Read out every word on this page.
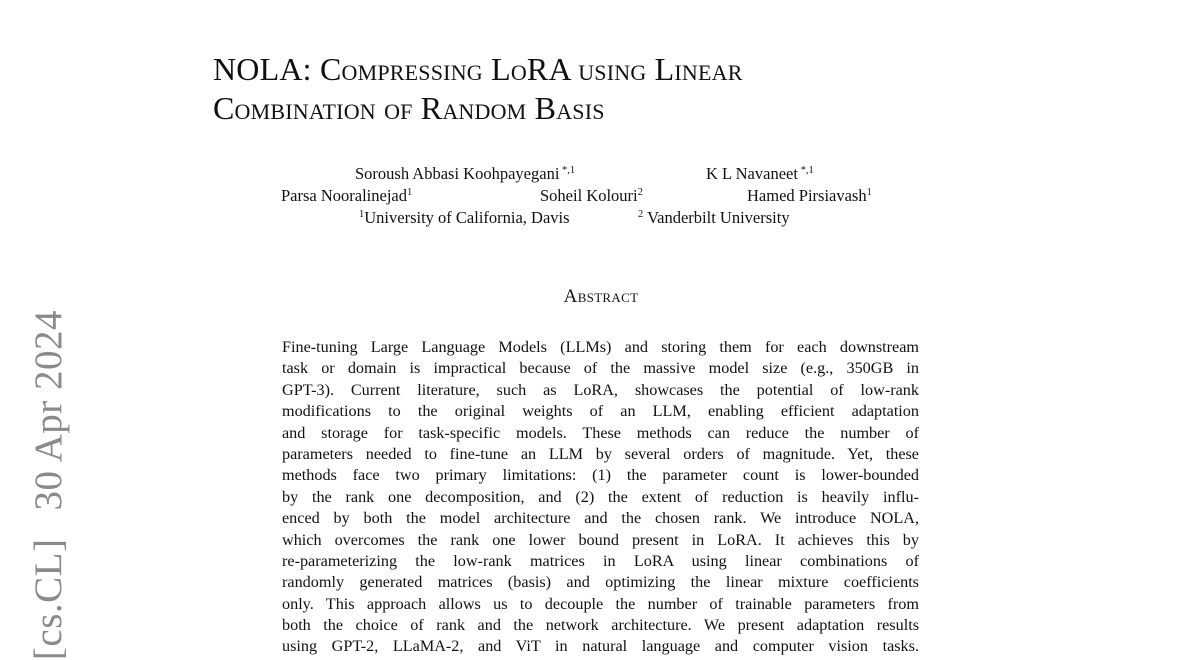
[cs.CL]30 Apr 2024
NOLA: Compressing LoRA using Linear
Combination of Random Basis
Soroush Abbasi Koohpayegani $^{*,1}$	K L Navaneet $^{*,1}$
Parsa Nooralinejad$^1$	Soheil Kolouri$^2$	Hamed Pirsiavash$^1$
$^1$University of California, Davis	$^2$ Vanderbilt University
Abstract
Fine-tuning Large Language Models (LLMs) and storing them for each downstream
task or domain is impractical because of the massive model size (e.g., 350GB in
GPT-3). Current literature, such as LoRA, showcases the potential of low-rank
modifications to the original weights of an LLM, enabling efficient adaptation
and storage for task-specific models. These methods can reduce the number of
parameters needed to fine-tune an LLM by several orders of magnitude. Yet, these
methods face two primary limitations: (1) the parameter count is lower-bounded
by the rank one decomposition, and (2) the extent of reduction is heavily influ-
enced by both the model architecture and the chosen rank. We introduce NOLA,
which overcomes the rank one lower bound present in LoRA. It achieves this by
re-parameterizing the low-rank matrices in LoRA using linear combinations of
randomly generated matrices (basis) and optimizing the linear mixture coefficients
only. This approach allows us to decouple the number of trainable parameters from
both the choice of rank and the network architecture. We present adaptation results
using GPT-2, LLaMA-2, and ViT in natural language and computer vision tasks.
